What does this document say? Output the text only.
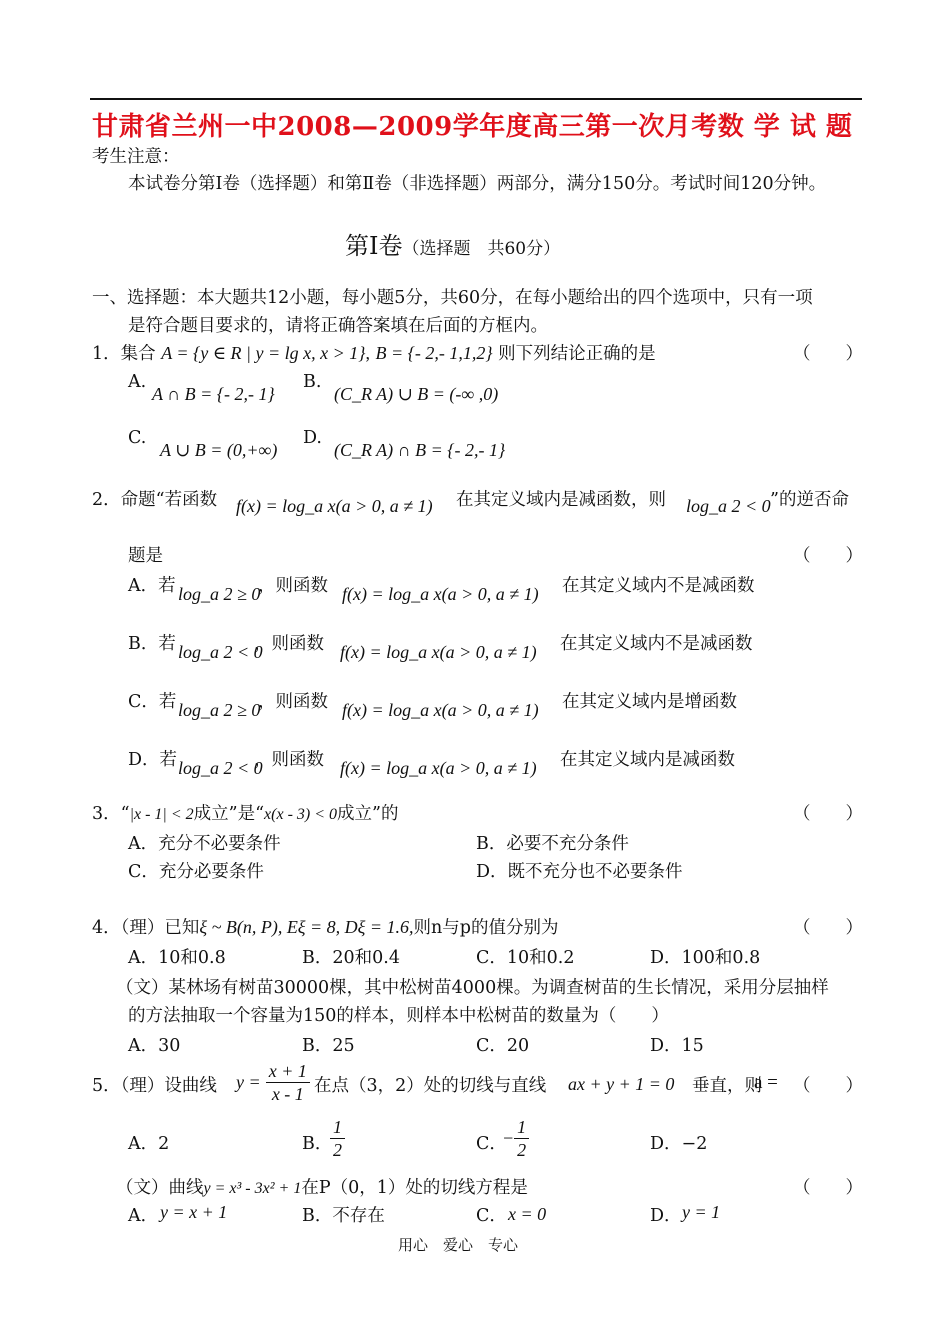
甘肃省兰州一中2008—2009学年度高三第一次月考数 学 试 题
考生注意：
本试卷分第Ⅰ卷（选择题）和第Ⅱ卷（非选择题）两部分，满分150分。考试时间120分钟。
第Ⅰ卷（选择题　共60分）
一、选择题：本大题共12小题，每小题5分，共60分，在每小题给出的四个选项中，只有一项
是符合题目要求的，请将正确答案填在后面的方框内。
1．集合 A = {y ∈ R | y = lg x, x > 1}, B = {- 2,- 1,1,2} 则下列结论正确的是	（　　）
A.
A ∩ B = {- 2,- 1}
B.
(C_R A) ∪ B = (-∞ ,0)
C.
A ∪ B = (0,+∞)
D.
(C_R A) ∩ B = {- 2,- 1}
2．命题“若函数 f(x) = log_a x(a > 0, a ≠ 1) 在其定义域内是减函数，则 log_a 2 < 0 ”的逆否命
题是	（　　）
A．若 log_a 2 ≥ 0
，则函数 f(x) = log_a x(a > 0, a ≠ 1) 在其定义域内不是减函数
B．若 log_a 2 < 0
，则函数 f(x) = log_a x(a > 0, a ≠ 1) 在其定义域内不是减函数
C．若 log_a 2 ≥ 0
，则函数 f(x) = log_a x(a > 0, a ≠ 1) 在其定义域内是增函数
D．若 log_a 2 < 0
，则函数 f(x) = log_a x(a > 0, a ≠ 1) 在其定义域内是减函数
3．“|x - 1| < 2成立”是“x(x - 3) < 0成立”的	（　　）
A．充分不必要条件	B．必要不充分条件
C．充分必要条件	D．既不充分也不必要条件
4．（理）已知ξ ~ B(n, P), Eξ = 8, Dξ = 1.6,则n与p的值分别为	（　　）
A．10和0.8	B．20和0.4	C．10和0.2	D．100和0.8
（文）某林场有树苗30000棵，其中松树苗4000棵。为调查树苗的生长情况，采用分层抽样
的方法抽取一个容量为150的样本，则样本中松树苗的数量为（　　）
A．30	B．25	C．20	D．15
5．（理）设曲线 $y = \frac{x + 1}{x - 1}$ 在点（3，2）处的切线与直线 ax + y + 1 = 0 垂直，则
a = （　　）
A．2	B．
$\frac{1}{2}$	C．
− $\frac{1}{2}$	D．−2
（文）曲线y = x³ - 3x² + 1在P（0，1）处的切线方程是	（　　）
A． y = x + 1	B．不存在	C． x = 0	D． y = 1
用心　爱心　专心
